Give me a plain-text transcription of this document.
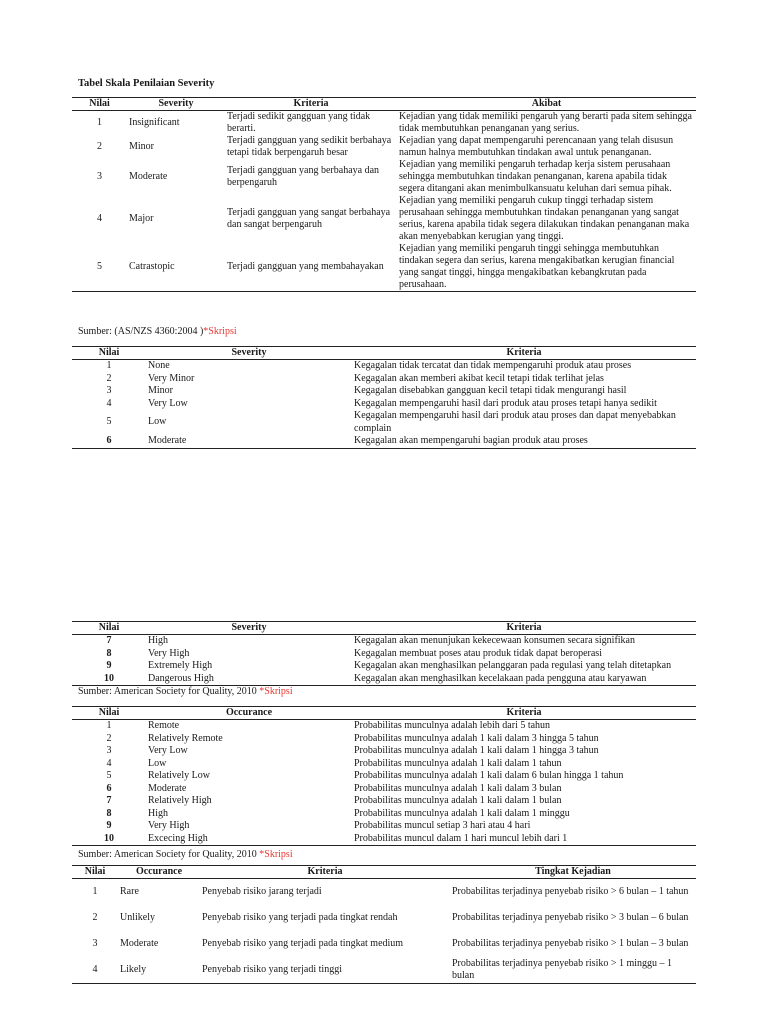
Tabel Skala Penilaian Severity
Nilai	Severity	Kriteria	Akibat
1	Insignificant	Terjadi sedikit gangguan yang tidak berarti.	Kejadian yang tidak memiliki pengaruh yang berarti pada sitem sehingga tidak membutuhkan penanganan yang serius.
2	Minor	Terjadi gangguan yang sedikit berbahaya tetapi tidak berpengaruh besar	Kejadian yang dapat mempengaruhi perencanaan yang telah disusun namun halnya membutuhkan tindakan awal untuk penanganan.
3	Moderate	Terjadi gangguan yang berbahaya dan berpengaruh	Kejadian yang memiliki pengaruh terhadap kerja sistem perusahaan sehingga membutuhkan tindakan penanganan, karena apabila tidak segera ditangani akan menimbulkansuatu keluhan dari semua pihak.
4	Major	Terjadi gangguan yang sangat berbahaya dan sangat berpengaruh	Kejadian yang memiliki pengaruh cukup tinggi terhadap sistem perusahaan sehingga membutuhkan tindakan penanganan yang sangat serius, karena apabila tidak segera dilakukan tindakan penanganan maka akan menyebabkan kerugian yang tinggi.
5	Catrastopic	Terjadi gangguan yang membahayakan	Kejadian yang memiliki pengaruh tinggi sehingga membutuhkan tindakan segera dan serius, karena mengakibatkan kerugian financial yang sangat tinggi, hingga mengakibatkan kebangkrutan pada perusahaan.
Sumber: (AS/NZS 4360:2004 )*Skripsi
Nilai	Severity	Kriteria
1	None	Kegagalan tidak tercatat dan tidak mempengaruhi produk atau proses
2	Very Minor	Kegagalan akan memberi akibat kecil tetapi tidak terlihat jelas
3	Minor	Kegagalan disebabkan gangguan kecil tetapi tidak mengurangi hasil
4	Very Low	Kegagalan mempengaruhi hasil dari produk atau proses tetapi hanya sedikit
5	Low	Kegagalan mempengaruhi hasil dari produk atau proses dan dapat menyebabkan complain
6	Moderate	Kegagalan akan mempengaruhi bagian produk atau proses
Nilai	Severity	Kriteria
7	High	Kegagalan akan menunjukan kekecewaan konsumen secara signifikan
8	Very High	Kegagalan membuat poses atau produk tidak dapat beroperasi
9	Extremely High	Kegagalan akan menghasilkan pelanggaran pada regulasi yang telah ditetapkan
10	Dangerous High	Kegagalan akan menghasilkan kecelakaan pada pengguna atau karyawan
Sumber: American Society for Quality, 2010 *Skripsi
Nilai	Occurance	Kriteria
1	Remote	Probabilitas munculnya adalah lebih dari 5 tahun
2	Relatively Remote	Probabilitas munculnya adalah 1 kali dalam 3 hingga 5 tahun
3	Very Low	Probabilitas munculnya adalah 1 kali dalam 1 hingga 3 tahun
4	Low	Probabilitas munculnya adalah 1 kali dalam 1 tahun
5	Relatively Low	Probabilitas munculnya adalah 1 kali dalam 6 bulan hingga 1 tahun
6	Moderate	Probabilitas munculnya adalah 1 kali dalam 3 bulan
7	Relatively High	Probabilitas munculnya adalah 1 kali dalam 1 bulan
8	High	Probabilitas munculnya adalah 1 kali dalam 1 minggu
9	Very High	Probabilitas muncul setiap 3 hari atau 4 hari
10	Excecing High	Probabilitas muncul dalam 1 hari muncul lebih dari 1
Sumber: American Society for Quality, 2010 *Skripsi
Nilai	Occurance	Kriteria	Tingkat Kejadian
1	Rare	Penyebab risiko jarang terjadi	Probabilitas terjadinya penyebab risiko > 6 bulan – 1 tahun
2	Unlikely	Penyebab risiko yang terjadi pada tingkat rendah	Probabilitas terjadinya penyebab risiko > 3 bulan – 6 bulan
3	Moderate	Penyebab risiko yang terjadi pada tingkat medium	Probabilitas terjadinya penyebab risiko > 1 bulan – 3 bulan
4	Likely	Penyebab risiko yang terjadi tinggi	Probabilitas terjadinya penyebab risiko > 1 minggu – 1 bulan
